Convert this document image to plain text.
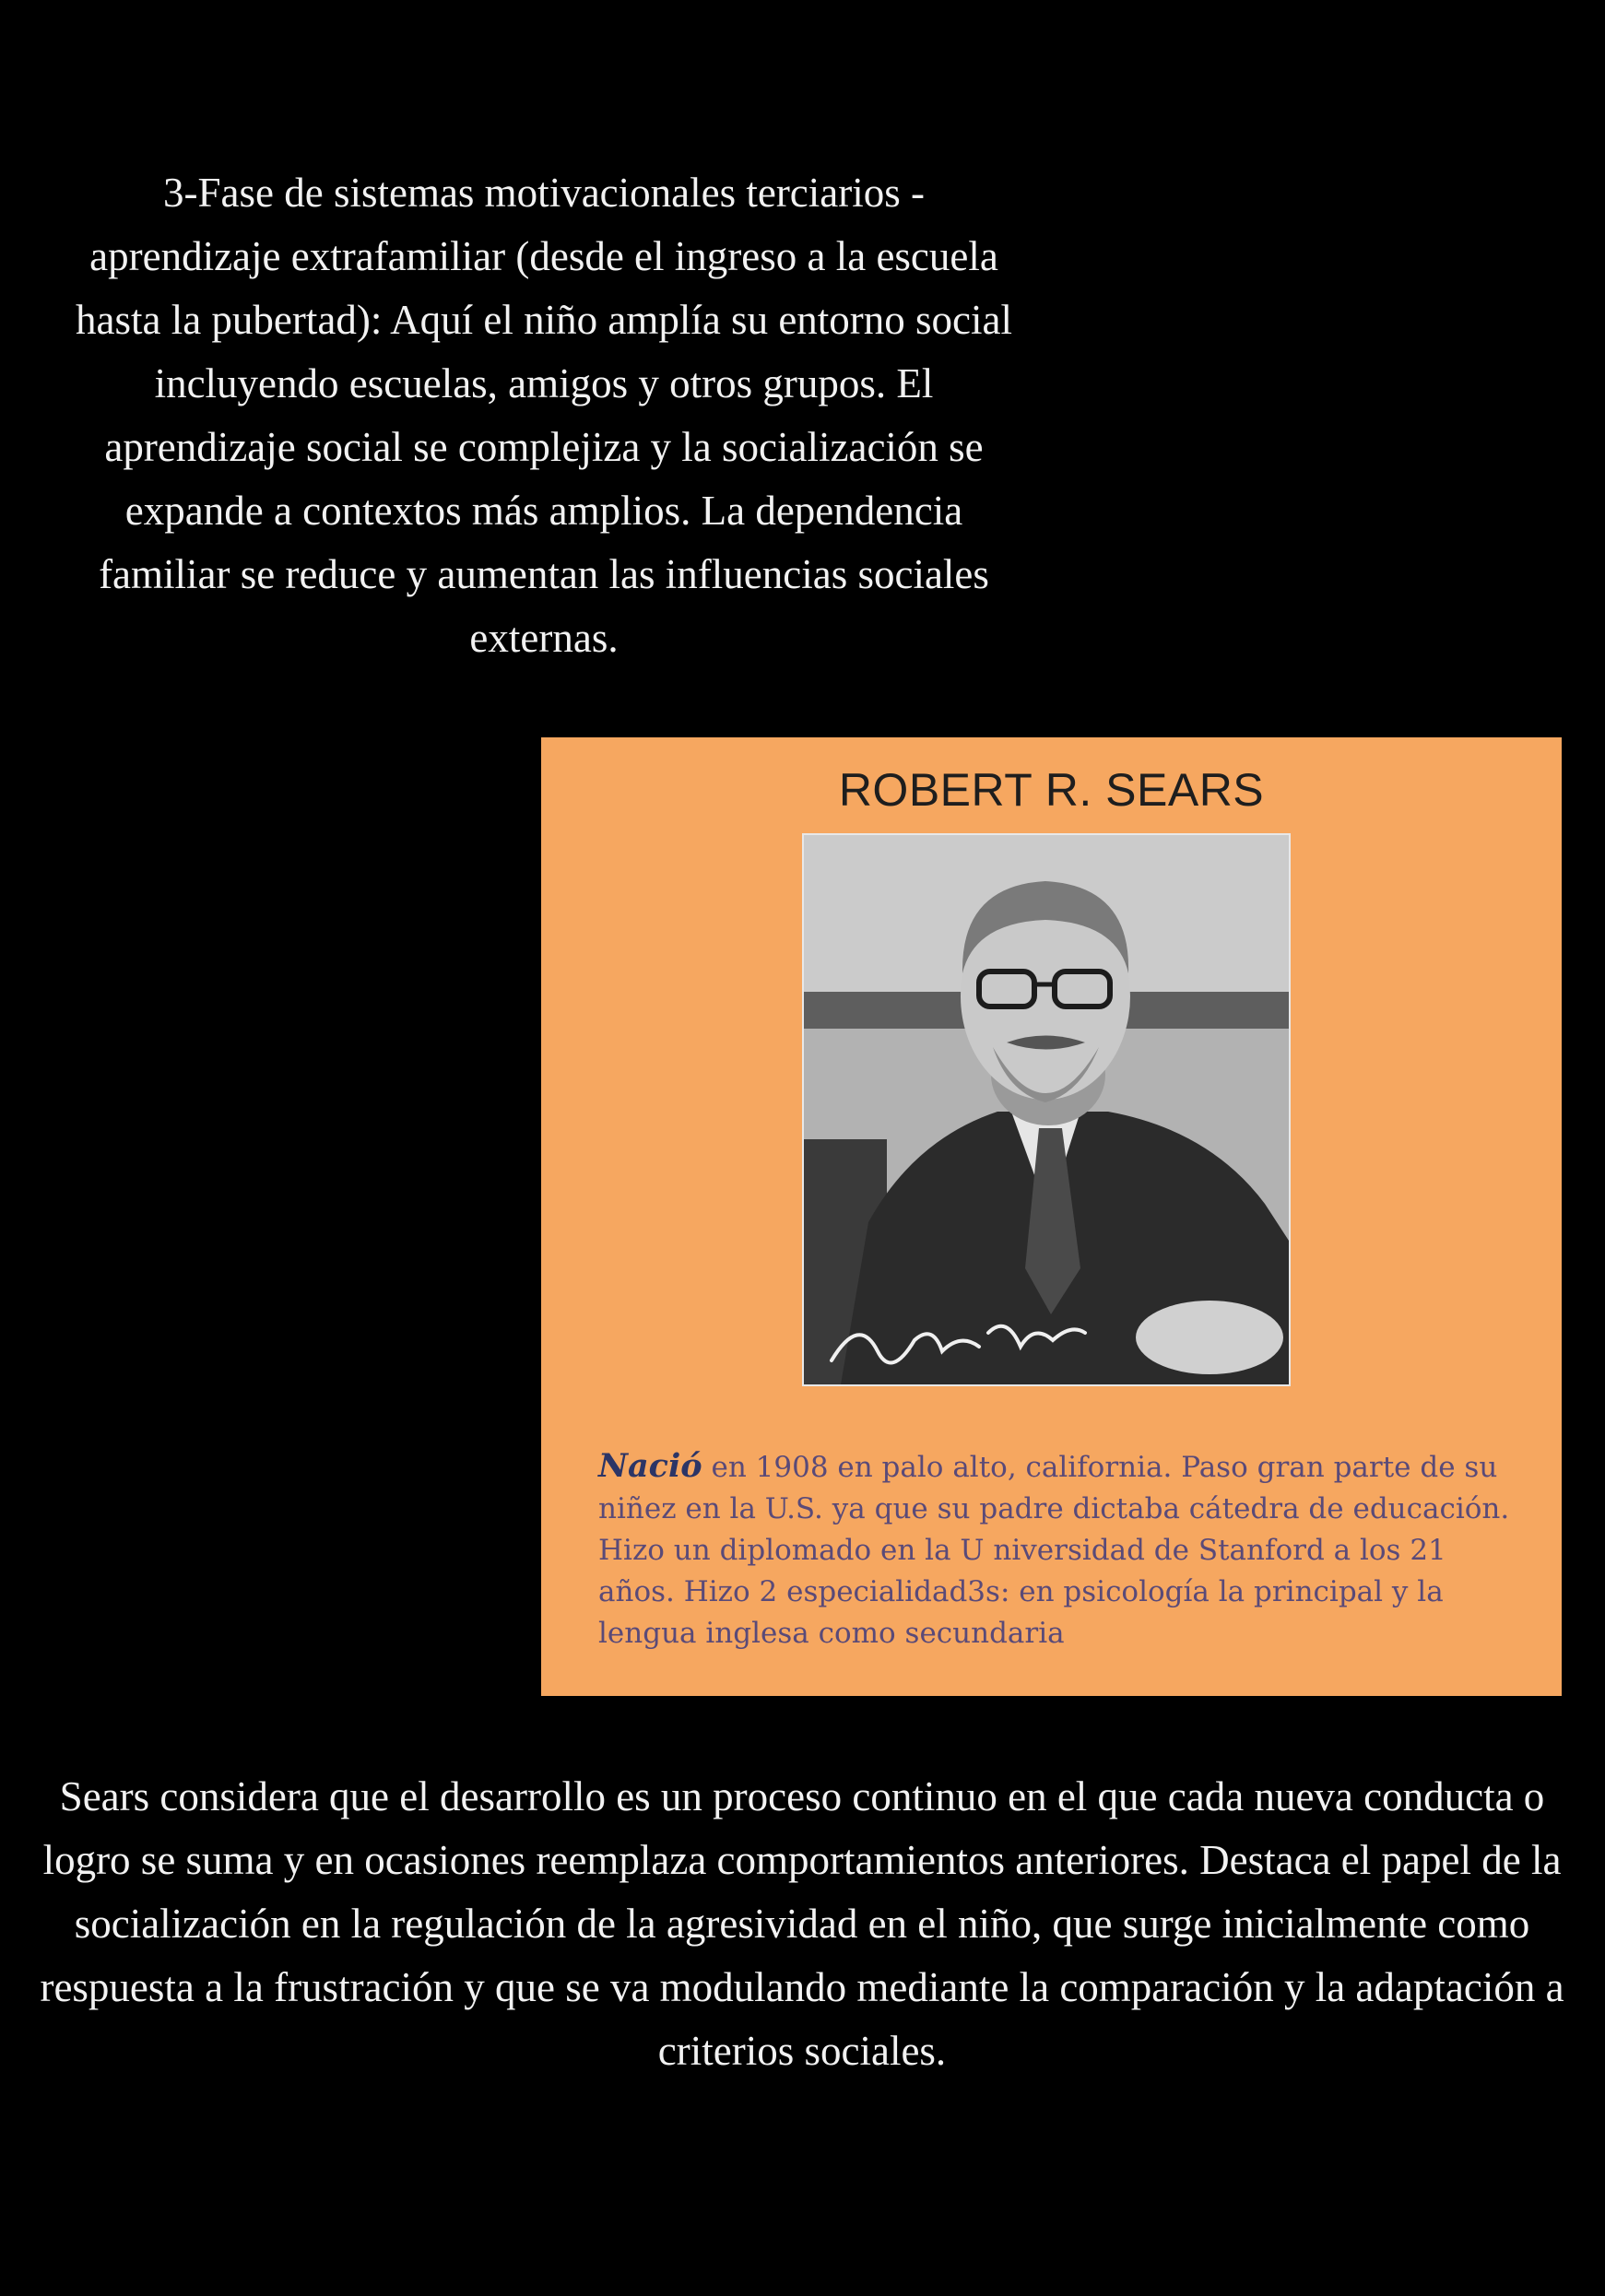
3-Fase de sistemas motivacionales terciarios - aprendizaje extrafamiliar (desde el ingreso a la escuela hasta la pubertad): Aquí el niño amplía su entorno social incluyendo escuelas, amigos y otros grupos. El aprendizaje social se complejiza y la socialización se expande a contextos más amplios. La dependencia familiar se reduce y aumentan las influencias sociales externas.
ROBERT R. SEARS
Nació en 1908 en palo alto, california. Paso gran parte de su niñez en la U.S. ya que su padre dictaba cátedra de educación. Hizo un diplomado en la U niversidad de Stanford a los 21 años. Hizo 2 especialidad3s: en psicología la principal y la lengua inglesa como secundaria
Sears considera que el desarrollo es un proceso continuo en el que cada nueva conducta o logro se suma y en ocasiones reemplaza comportamientos anteriores. Destaca el papel de la socialización en la regulación de la agresividad en el niño, que surge inicialmente como respuesta a la frustración y que se va modulando mediante la comparación y la adaptación a criterios sociales.
